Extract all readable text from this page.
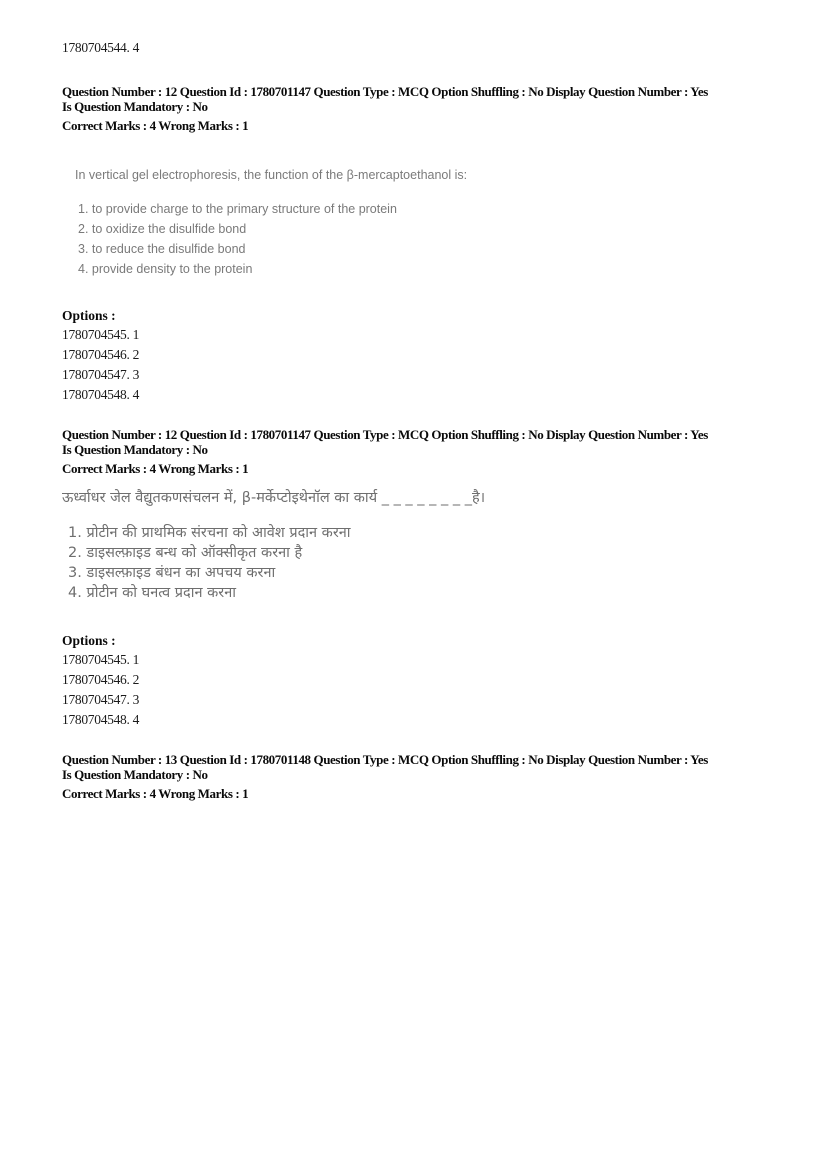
1780704544. 4

Question Number : 12 Question Id : 1780701147 Question Type : MCQ Option Shuffling : No Display Question Number : Yes
Is Question Mandatory : No

Correct Marks : 4 Wrong Marks : 1

In vertical gel electrophoresis, the function of the β-mercaptoethanol is:

1. to provide charge to the primary structure of the protein

2. to oxidize the disulfide bond

3. to reduce the disulfide bond

4. provide density to the protein

Options :

1780704545. 1

1780704546. 2

1780704547. 3

1780704548. 4

Question Number : 12 Question Id : 1780701147 Question Type : MCQ Option Shuffling : No Display Question Number : Yes
Is Question Mandatory : No

Correct Marks : 4 Wrong Marks : 1

ऊर्ध्वाधर जेल वैद्युतकणसंचलन में, β-मर्केप्टोइथेनॉल का कार्य _ _ _ _ _ _ _ _है।

1. प्रोटीन की प्राथमिक संरचना को आवेश प्रदान करना

2. डाइसल्फ़ाइड बन्ध को ऑक्सीकृत करना है

3. डाइसल्फ़ाइड बंधन का अपचय करना

4. प्रोटीन को घनत्व प्रदान करना

Options :

1780704545. 1

1780704546. 2

1780704547. 3

1780704548. 4

Question Number : 13 Question Id : 1780701148 Question Type : MCQ Option Shuffling : No Display Question Number : Yes
Is Question Mandatory : No

Correct Marks : 4 Wrong Marks : 1
